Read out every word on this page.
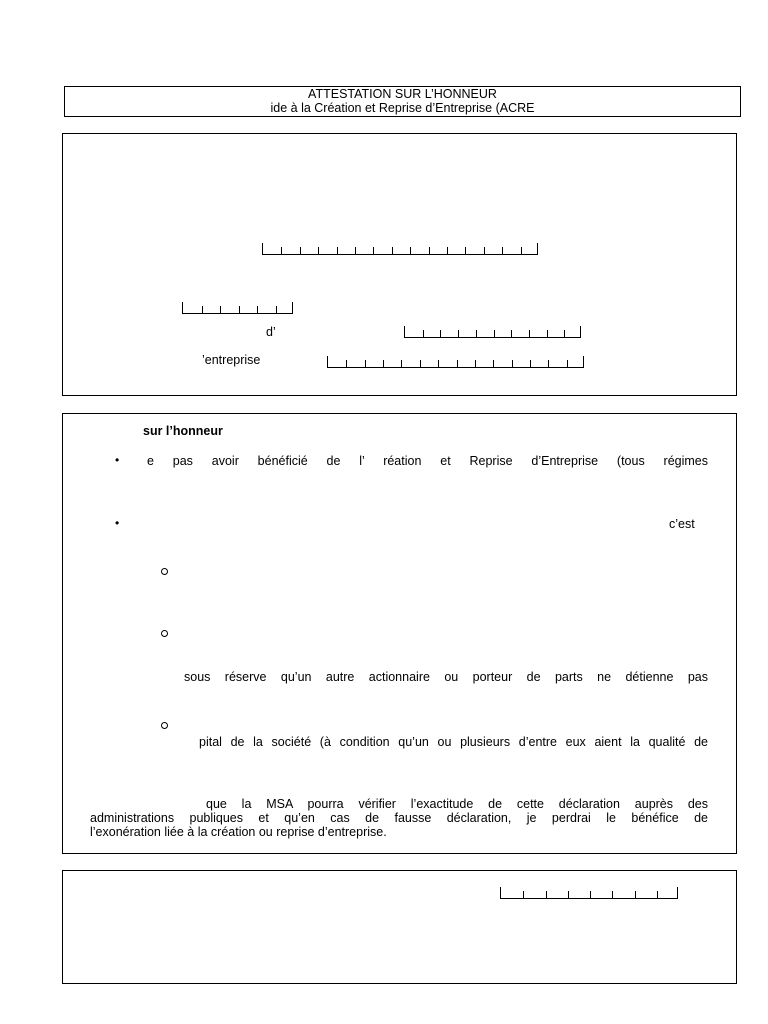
ATTESTATION SUR L’HONNEUR
ide à la Création et Reprise d’Entreprise (ACRE
d’
’entreprise
sur l’honneur
• e pas avoir bénéficié de l’ réation et Reprise d’Entreprise (tous régimes
•	c’est
sous réserve qu’un autre actionnaire ou porteur de parts ne détienne pas
pital de la société (à condition qu’un ou plusieurs d’entre eux aient la qualité de
que la MSA pourra vérifier l’exactitude de cette déclaration auprès des
administrations publiques et qu’en cas de fausse déclaration, je perdrai le bénéfice de
l’exonération liée à la création ou reprise d’entreprise.
